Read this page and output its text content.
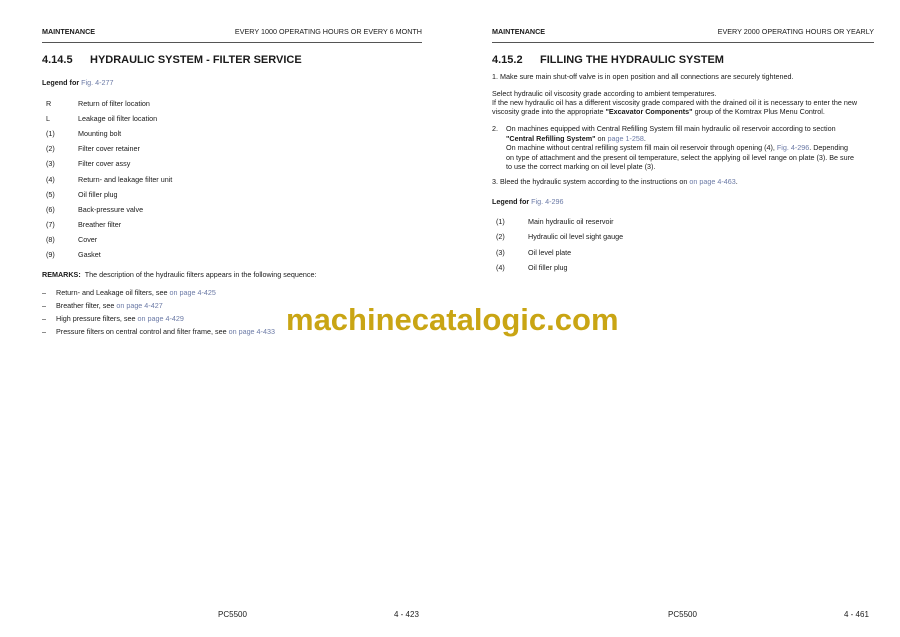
MAINTENANCE	EVERY 1000 OPERATING HOURS OR EVERY 6 MONTH
4.14.5 HYDRAULIC SYSTEM - FILTER SERVICE
Legend for Fig. 4-277
R	Return of filter location
L	Leakage oil filter location
(1)	Mounting bolt
(2)	Filter cover retainer
(3)	Filter cover assy
(4)	Return- and leakage filter unit
(5)	Oil filler plug
(6)	Back-pressure valve
(7)	Breather filter
(8)	Cover
(9)	Gasket
REMARKS: The description of the hydraulic filters appears in the following sequence:
– Return- and Leakage oil filters, see on page 4-425
– Breather filter, see on page 4-427
– High pressure filters, see on page 4-429
– Pressure filters on central control and filter frame, see on page 4-433
PC5500	4 - 423
MAINTENANCE	EVERY 2000 OPERATING HOURS OR YEARLY
4.15.2 FILLING THE HYDRAULIC SYSTEM
1. Make sure main shut-off valve is in open position and all connections are securely tightened.
Select hydraulic oil viscosity grade according to ambient temperatures.
If the new hydraulic oil has a different viscosity grade compared with the drained oil it is necessary to enter the new
viscosity grade into the appropriate "Excavator Components" group of the Komtrax Plus Menu Control.
2. On machines equipped with Central Refilling System fill main hydraulic oil reservoir according to section
"Central Refilling System" on page 1-258.
On machine without central refilling system fill main oil reservoir through opening (4), Fig. 4-296. Depending
on type of attachment and the present oil temperature, select the applying oil level range on plate (3). Be sure
to use the correct marking on oil level plate (3).
3. Bleed the hydraulic system according to the instructions on on page 4-463.
Legend for Fig. 4-296
(1)	Main hydraulic oil reservoir
(2)	Hydraulic oil level sight gauge
(3)	Oil level plate
(4)	Oil filler plug
PC5500	4 - 461
machinecatalogic.com
